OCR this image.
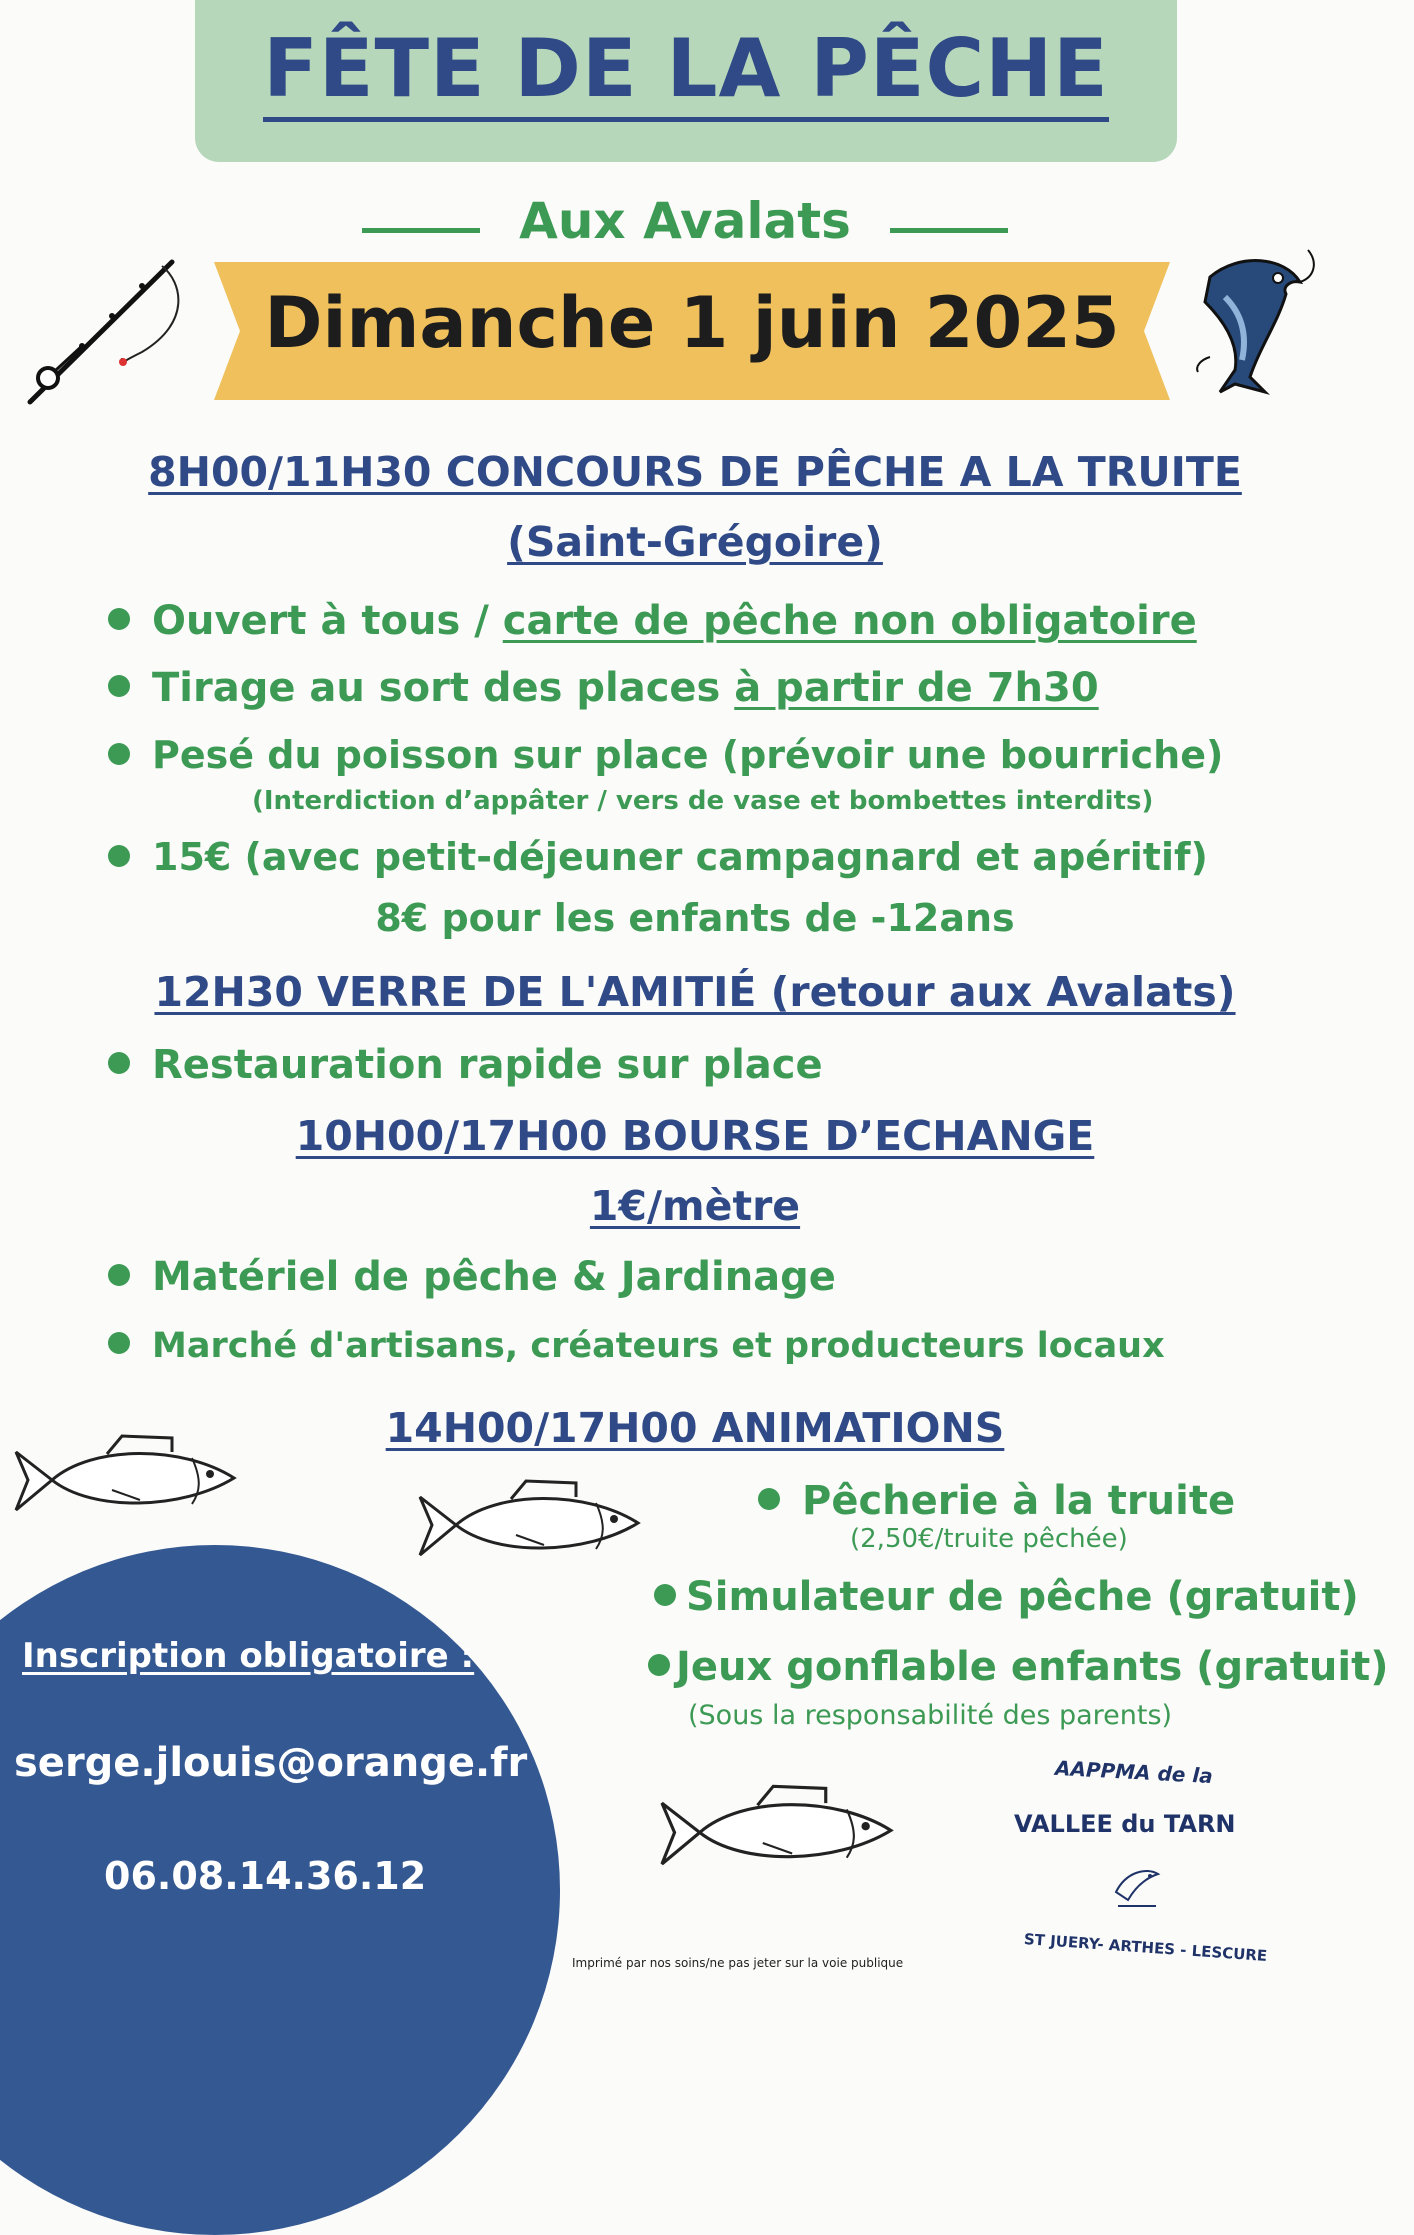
FÊTE DE LA PÊCHE
Aux Avalats
Dimanche 1 juin 2025
8H00/11H30 CONCOURS DE PÊCHE A LA TRUITE
(Saint-Grégoire)
Ouvert à tous / carte de pêche non obligatoire
Tirage au sort des places à partir de 7h30
Pesé du poisson sur place (prévoir une bourriche)
(Interdiction d’appâter / vers de vase et bombettes interdits)
15€ (avec petit-déjeuner campagnard et apéritif)
8€ pour les enfants de -12ans
12H30 VERRE DE L'AMITIÉ (retour aux Avalats)
Restauration rapide sur place
10H00/17H00 BOURSE D’ECHANGE
1€/mètre
Matériel de pêche & Jardinage
Marché d'artisans, créateurs et producteurs locaux
14H00/17H00 ANIMATIONS
Pêcherie à la truite
(2,50€/truite pêchée)
Simulateur de pêche (gratuit)
Jeux gonflable enfants (gratuit)
(Sous la responsabilité des parents)
Inscription obligatoire :
serge.jlouis@orange.fr
06.08.14.36.12
AAPPMA de la
VALLEE du TARN
ST JUERY- ARTHES - LESCURE
Imprimé par nos soins/ne pas jeter sur la voie publique
